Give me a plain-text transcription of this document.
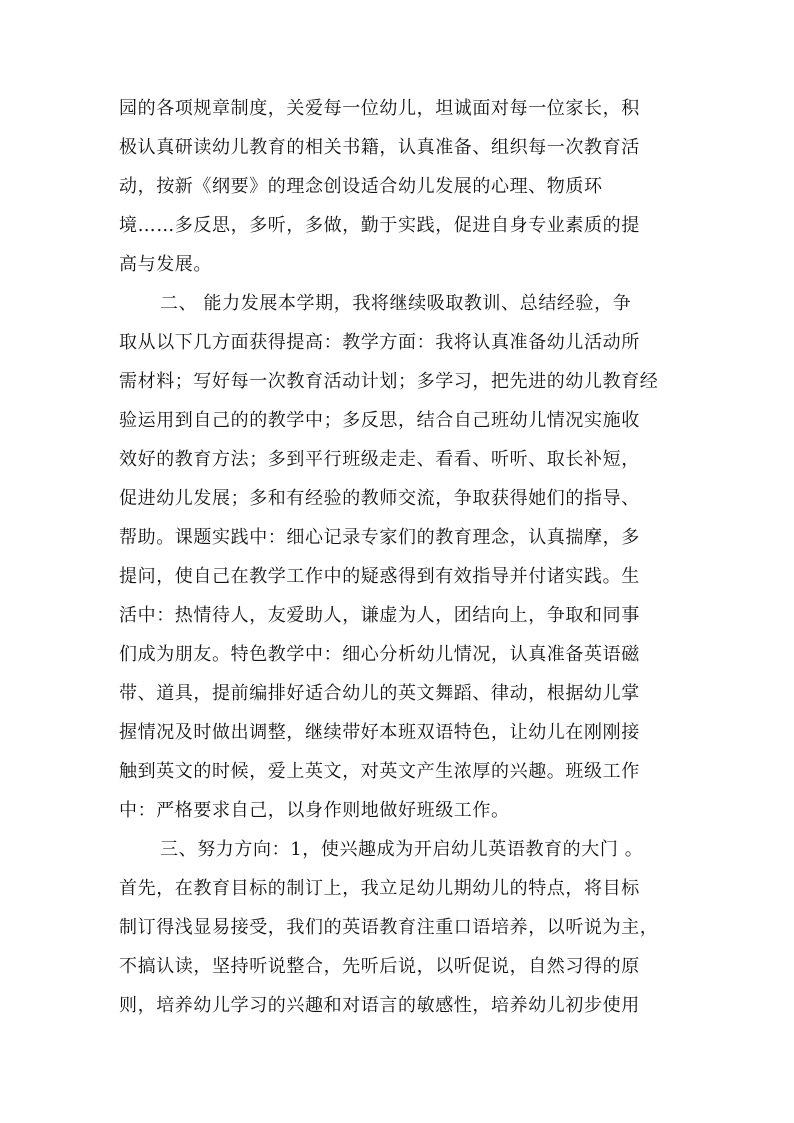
园的各项规章制度，关爱每一位幼儿，坦诚面对每一位家长，积
极认真研读幼儿教育的相关书籍，认真准备、组织每一次教育活
动，按新《纲要》的理念创设适合幼儿发展的心理、物质环
境……多反思，多听，多做，勤于实践，促进自身专业素质的提
高与发展。
二、 能力发展本学期，我将继续吸取教训、总结经验，争
取从以下几方面获得提高：教学方面：我将认真准备幼儿活动所
需材料；写好每一次教育活动计划；多学习，把先进的幼儿教育经
验运用到自己的的教学中；多反思，结合自己班幼儿情况实施收
效好的教育方法；多到平行班级走走、看看、听听、取长补短，
促进幼儿发展；多和有经验的教师交流，争取获得她们的指导、
帮助。课题实践中：细心记录专家们的教育理念，认真揣摩，多
提问，使自己在教学工作中的疑惑得到有效指导并付诸实践。生
活中：热情待人，友爱助人，谦虚为人，团结向上，争取和同事
们成为朋友。特色教学中：细心分析幼儿情况，认真准备英语磁
带、道具，提前编排好适合幼儿的英文舞蹈、律动，根据幼儿掌
握情况及时做出调整，继续带好本班双语特色，让幼儿在刚刚接
触到英文的时候，爱上英文，对英文产生浓厚的兴趣。班级工作
中：严格要求自己，以身作则地做好班级工作。
三、努力方向：1，使兴趣成为开启幼儿英语教育的大门 。
首先，在教育目标的制订上，我立足幼儿期幼儿的特点，将目标
制订得浅显易接受，我们的英语教育注重口语培养，以听说为主，
不搞认读，坚持听说整合，先听后说，以听促说，自然习得的原
则，培养幼儿学习的兴趣和对语言的敏感性，培养幼儿初步使用
